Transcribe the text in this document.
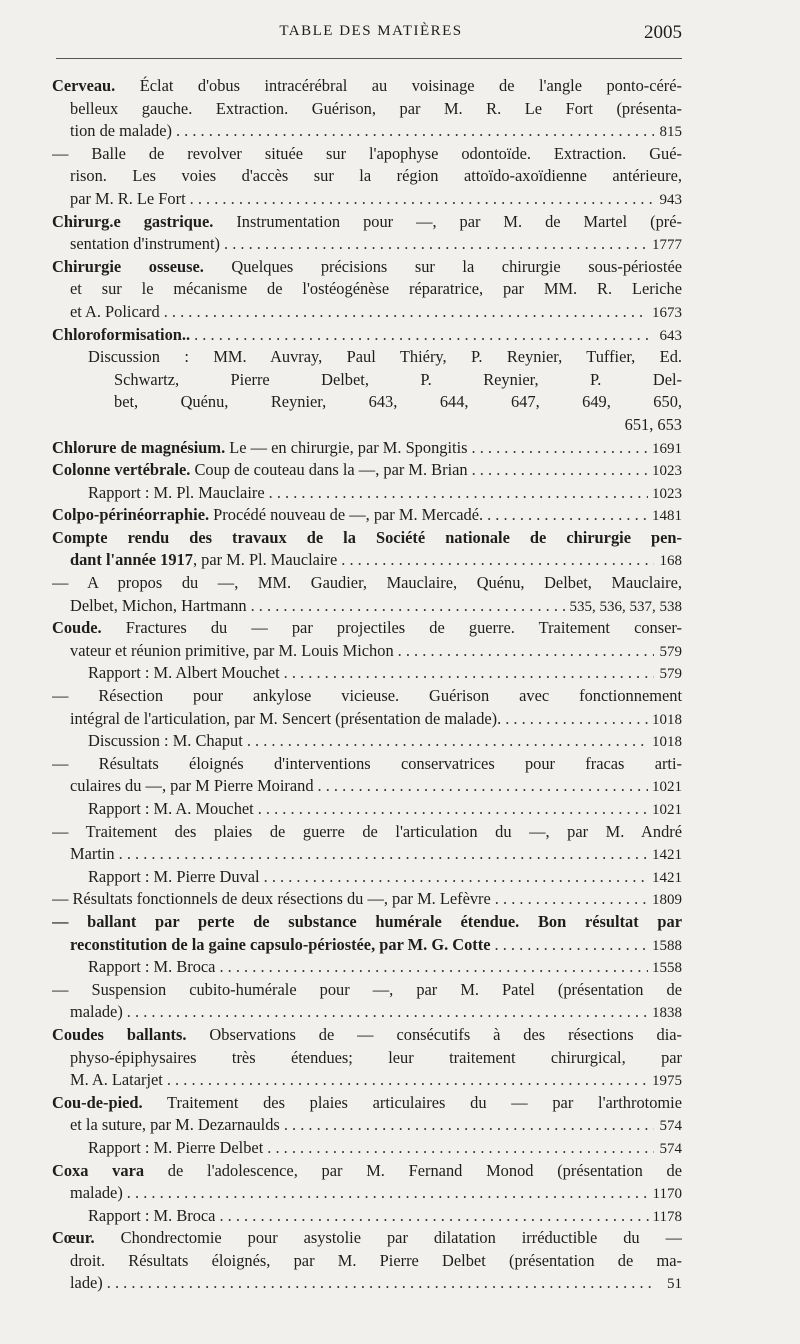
TABLE DES MATIÈRES	2005
Cerveau. Éclat d'obus intracérébral au voisinage de l'angle ponto-céré-
belleux gauche. Extraction. Guérison, par M. R. Le Fort (présenta-
tion de malade) . . .	815
— Balle de revolver située sur l'apophyse odontoïde. Extraction. Gué-
rison. Les voies d'accès sur la région attoïdo-axoïdienne antérieure,
par M. R. Le Fort . . .	943
Chirurg.e gastrique. Instrumentation pour —, par M. de Martel (pré-
sentation d'instrument) . . .	1777
Chirurgie osseuse. Quelques précisions sur la chirurgie sous-périostée
et sur le mécanisme de l'ostéogénèse réparatrice, par MM. R. Leriche
et A. Policard . . .	1673
Chloroformisation.. . . .	643
Discussion : MM. Auvray, Paul Thiéry, P. Reynier, Tuffier, Ed.
Schwartz, Pierre Delbet, P. Reynier, P. Del-
bet, Quénu, Reynier, 643, 644, 647, 649, 650,
651, 653
Chlorure de magnésium. Le — en chirurgie, par M. Spongitis . . .	1691
Colonne vertébrale. Coup de couteau dans la —, par M. Brian . . .	1023
Rapport : M. Pl. Mauclaire . . .	1023
Colpo-périnéorraphie. Procédé nouveau de —, par M. Mercadé. . . .	1481
Compte rendu des travaux de la Société nationale de chirurgie pen-
dant l'année 1917, par M. Pl. Mauclaire . . .	168
— A propos du —, MM. Gaudier, Mauclaire, Quénu, Delbet, Mauclaire,
Delbet, Michon, Hartmann . . .	535, 536, 537, 538
Coude. Fractures du — par projectiles de guerre. Traitement conser-
vateur et réunion primitive, par M. Louis Michon . . .	579
Rapport : M. Albert Mouchet . . .	579
— Résection pour ankylose vicieuse. Guérison avec fonctionnement
intégral de l'articulation, par M. Sencert (présentation de malade). . . .	1018
Discussion : M. Chaput . . .	1018
— Résultats éloignés d'interventions conservatrices pour fracas arti-
culaires du —, par M Pierre Moirand . . .	1021
Rapport : M. A. Mouchet . . .	1021
— Traitement des plaies de guerre de l'articulation du —, par M. André
Martin . . .	1421
Rapport : M. Pierre Duval . . .	1421
— Résultats fonctionnels de deux résections du —, par M. Lefèvre . . .	1809
— ballant par perte de substance humérale étendue. Bon résultat par
reconstitution de la gaine capsulo-périostée, par M. G. Cotte . . .	1588
Rapport : M. Broca . . .	1558
— Suspension cubito-humérale pour —, par M. Patel (présentation de
malade) . . .	1838
Coudes ballants. Observations de — consécutifs à des résections dia-
physo-épiphysaires très étendues; leur traitement chirurgical, par
M. A. Latarjet . . .	1975
Cou-de-pied. Traitement des plaies articulaires du — par l'arthrotomie
et la suture, par M. Dezarnaulds . . .	574
Rapport : M. Pierre Delbet . . .	574
Coxa vara de l'adolescence, par M. Fernand Monod (présentation de
malade) . . .	1170
Rapport : M. Broca . . .	1178
Cœur. Chondrectomie pour asystolie par dilatation irréductible du —
droit. Résultats éloignés, par M. Pierre Delbet (présentation de ma-
lade) . . .	51
